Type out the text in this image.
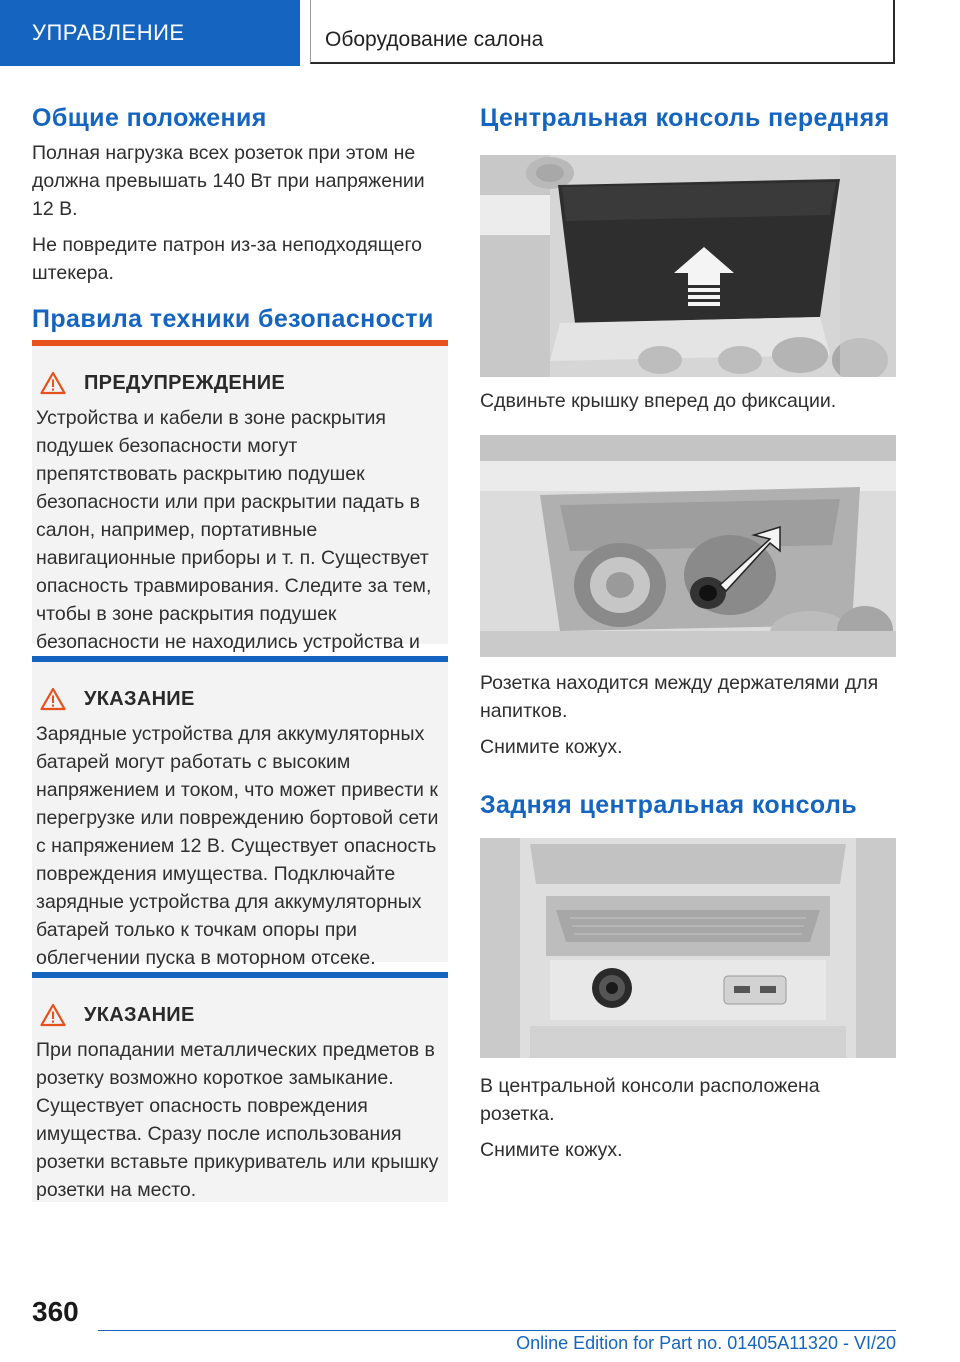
УПРАВЛЕНИЕ	Оборудование салона
Общие положения

Полная нагрузка всех розеток при этом не должна превышать 140 Вт при напряжении 12 В.

Не повредите патрон из-за неподходящего штекера.

Правила техники безопасности
ПРЕДУПРЕЖДЕНИЕ

Устройства и кабели в зоне раскрытия подушек безопасности могут препятствовать раскрытию подушек безопасности или при раскрытии падать в салон, например, портативные навигационные приборы и т. п. Существует опасность травмирования. Следите за тем, чтобы в зоне раскрытия подушек безопасности не находились устройства и

УКАЗАНИЕ

Зарядные устройства для аккумуляторных батарей могут работать с высоким напряжением и током, что может привести к перегрузке или повреждению бортовой сети с напряжением 12 В. Существует опасность повреждения имущества. Подключайте зарядные устройства для аккумуляторных батарей только к точкам опоры при облегчении пуска в моторном отсеке.

УКАЗАНИЕ

При попадании металлических предметов в розетку возможно короткое замыкание. Существует опасность повреждения имущества. Сразу после использования розетки вставьте прикуриватель или крышку розетки на место.

Центральная консоль передняя

Сдвиньте крышку вперед до фиксации.

Розетка находится между держателями для напитков.

Снимите кожух.

Задняя центральная консоль

В центральной консоли расположена розетка.

Снимите кожух.

360
Online Edition for Part no. 01405A11320 - VI/20
